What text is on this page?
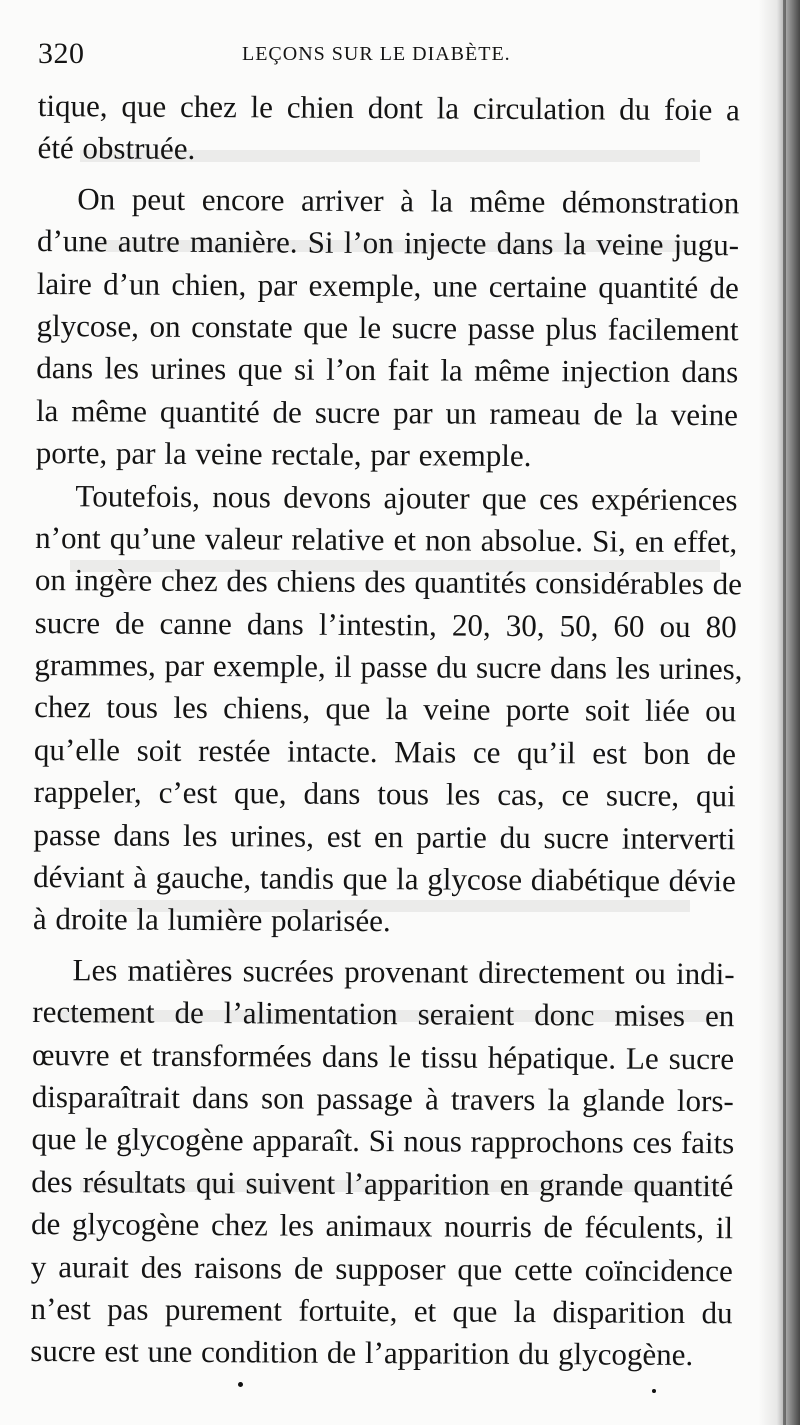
320	LEÇONS SUR LE DIABÈTE.
tique, que chez le chien dont la circulation du foie a
été obstruée.
On peut encore arriver à la même démonstration
d’une autre manière. Si l’on injecte dans la veine jugu-
laire d’un chien, par exemple, une certaine quantité de
glycose, on constate que le sucre passe plus facilement
dans les urines que si l’on fait la même injection dans
la même quantité de sucre par un rameau de la veine
porte, par la veine rectale, par exemple.
Toutefois, nous devons ajouter que ces expériences
n’ont qu’une valeur relative et non absolue. Si, en effet,
on ingère chez des chiens des quantités considérables de
sucre de canne dans l’intestin, 20, 30, 50, 60 ou 80
grammes, par exemple, il passe du sucre dans les urines,
chez tous les chiens, que la veine porte soit liée ou
qu’elle soit restée intacte. Mais ce qu’il est bon de
rappeler, c’est que, dans tous les cas, ce sucre, qui
passe dans les urines, est en partie du sucre interverti
déviant à gauche, tandis que la glycose diabétique dévie
à droite la lumière polarisée.
Les matières sucrées provenant directement ou indi-
rectement de l’alimentation seraient donc mises en
œuvre et transformées dans le tissu hépatique. Le sucre
disparaîtrait dans son passage à travers la glande lors-
que le glycogène apparaît. Si nous rapprochons ces faits
des résultats qui suivent l’apparition en grande quantité
de glycogène chez les animaux nourris de féculents, il
y aurait des raisons de supposer que cette coïncidence
n’est pas purement fortuite, et que la disparition du
sucre est une condition de l’apparition du glycogène.
